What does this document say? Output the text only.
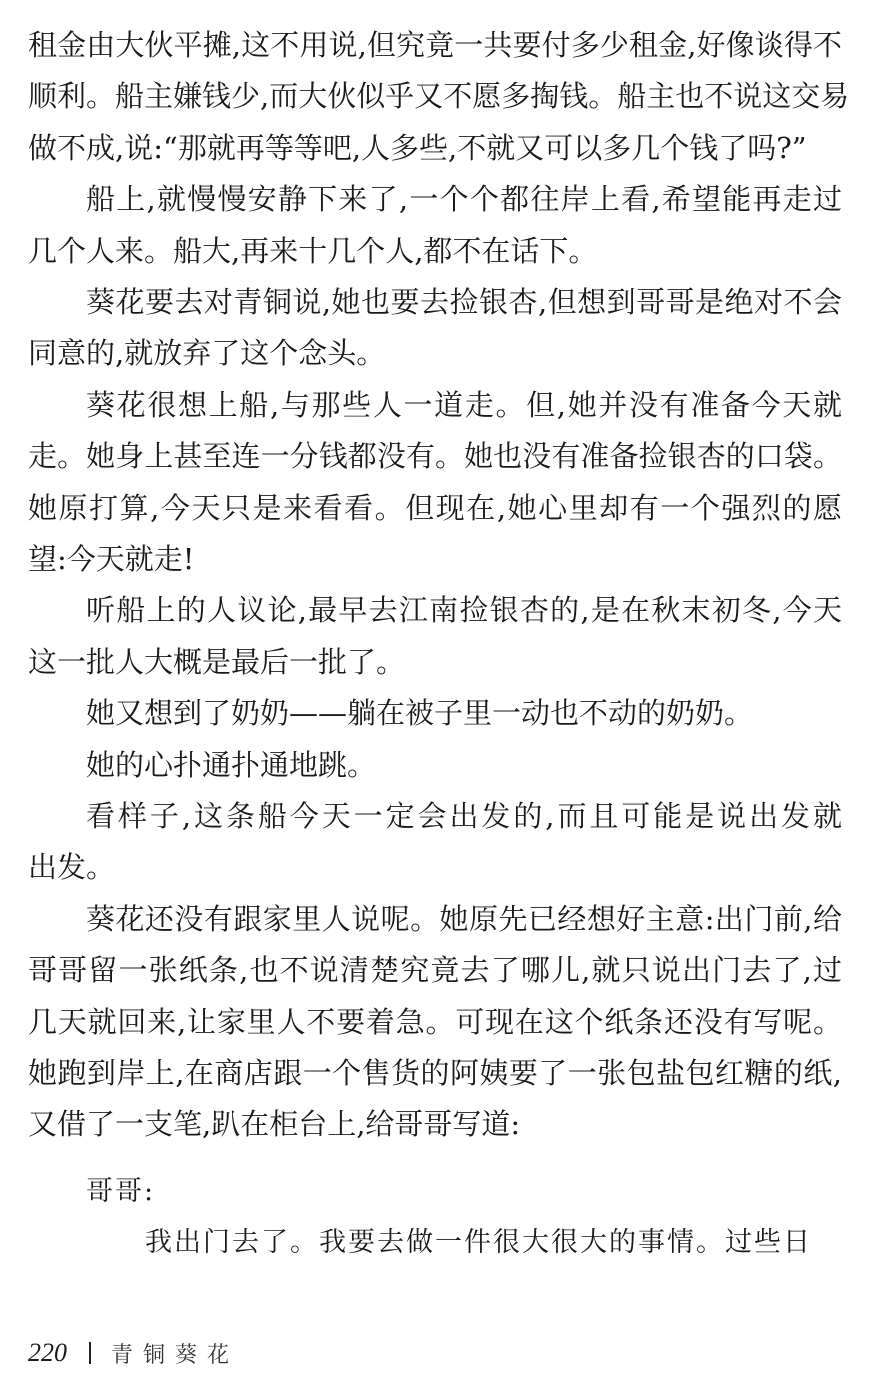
租金由大伙平摊,这不用说,但究竟一共要付多少租金,好像谈得不
顺利。船主嫌钱少,而大伙似乎又不愿多掏钱。船主也不说这交易
做不成,说:“那就再等等吧,人多些,不就又可以多几个钱了吗?”
船上,就慢慢安静下来了,一个个都往岸上看,希望能再走过
几个人来。船大,再来十几个人,都不在话下。
葵花要去对青铜说,她也要去捡银杏,但想到哥哥是绝对不会
同意的,就放弃了这个念头。
葵花很想上船,与那些人一道走。但,她并没有准备今天就
走。她身上甚至连一分钱都没有。她也没有准备捡银杏的口袋。
她原打算,今天只是来看看。但现在,她心里却有一个强烈的愿
望:今天就走!
听船上的人议论,最早去江南捡银杏的,是在秋末初冬,今天
这一批人大概是最后一批了。
她又想到了奶奶——躺在被子里一动也不动的奶奶。
她的心扑通扑通地跳。
看样子,这条船今天一定会出发的,而且可能是说出发就
出发。
葵花还没有跟家里人说呢。她原先已经想好主意:出门前,给
哥哥留一张纸条,也不说清楚究竟去了哪儿,就只说出门去了,过
几天就回来,让家里人不要着急。可现在这个纸条还没有写呢。
她跑到岸上,在商店跟一个售货的阿姨要了一张包盐包红糖的纸,
又借了一支笔,趴在柜台上,给哥哥写道:
哥哥:
我出门去了。我要去做一件很大很大的事情。过些日
220 青铜葵花
